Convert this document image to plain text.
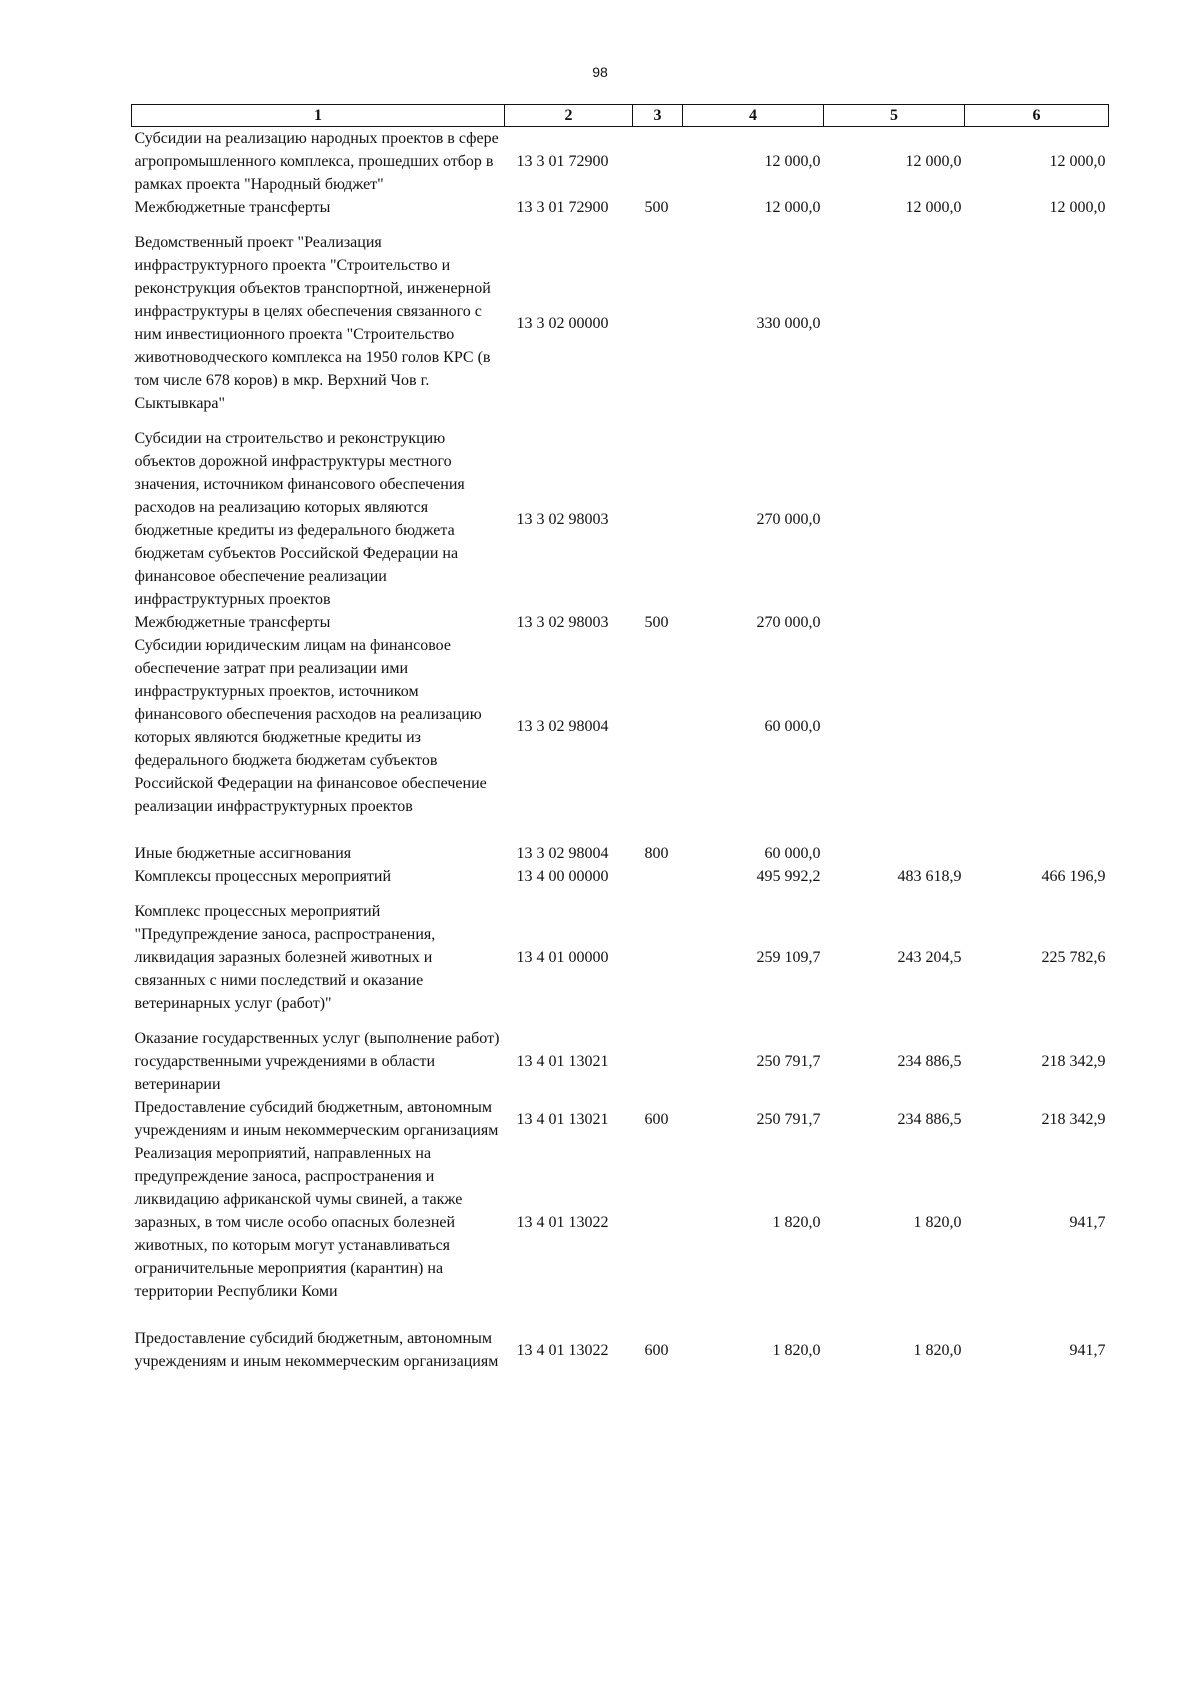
98
1	2	3	4	5	6
Субсидии на реализацию народных проектов в сфере агропромышленного комплекса, прошедших отбор в рамках проекта "Народный бюджет"	13 3 01 72900		12 000,0	12 000,0	12 000,0
Межбюджетные трансферты	13 3 01 72900	500	12 000,0	12 000,0	12 000,0
Ведомственный проект "Реализация инфраструктурного проекта "Строительство и реконструкция объектов транспортной, инженерной инфраструктуры в целях обеспечения связанного с ним инвестиционного проекта "Строительство животноводческого комплекса на 1950 голов КРС (в том числе 678 коров) в мкр. Верхний Чов г. Сыктывкара"	13 3 02 00000		330 000,0		
Субсидии на строительство и реконструкцию объектов дорожной инфраструктуры местного значения, источником финансового обеспечения расходов на реализацию которых являются бюджетные кредиты из федерального бюджета бюджетам субъектов Российской Федерации на финансовое обеспечение реализации инфраструктурных проектов	13 3 02 98003		270 000,0		
Межбюджетные трансферты	13 3 02 98003	500	270 000,0		
Субсидии юридическим лицам на финансовое обеспечение затрат при реализации ими инфраструктурных проектов, источником финансового обеспечения расходов на реализацию которых являются бюджетные кредиты из федерального бюджета бюджетам субъектов Российской Федерации на финансовое обеспечение реализации инфраструктурных проектов	13 3 02 98004		60 000,0		
Иные бюджетные ассигнования	13 3 02 98004	800	60 000,0		
Комплексы процессных мероприятий	13 4 00 00000		495 992,2	483 618,9	466 196,9
Комплекс процессных мероприятий "Предупреждение заноса, распространения, ликвидация заразных болезней животных и связанных с ними последствий и оказание ветеринарных услуг (работ)"	13 4 01 00000		259 109,7	243 204,5	225 782,6
Оказание государственных услуг (выполнение работ) государственными учреждениями в области ветеринарии	13 4 01 13021		250 791,7	234 886,5	218 342,9
Предоставление субсидий бюджетным, автономным учреждениям и иным некоммерческим организациям	13 4 01 13021	600	250 791,7	234 886,5	218 342,9
Реализация мероприятий, направленных на предупреждение заноса, распространения и ликвидацию африканской чумы свиней, а также заразных, в том числе особо опасных болезней животных, по которым могут устанавливаться ограничительные мероприятия (карантин) на территории Республики Коми	13 4 01 13022		1 820,0	1 820,0	941,7
Предоставление субсидий бюджетным, автономным учреждениям и иным некоммерческим организациям	13 4 01 13022	600	1 820,0	1 820,0	941,7
